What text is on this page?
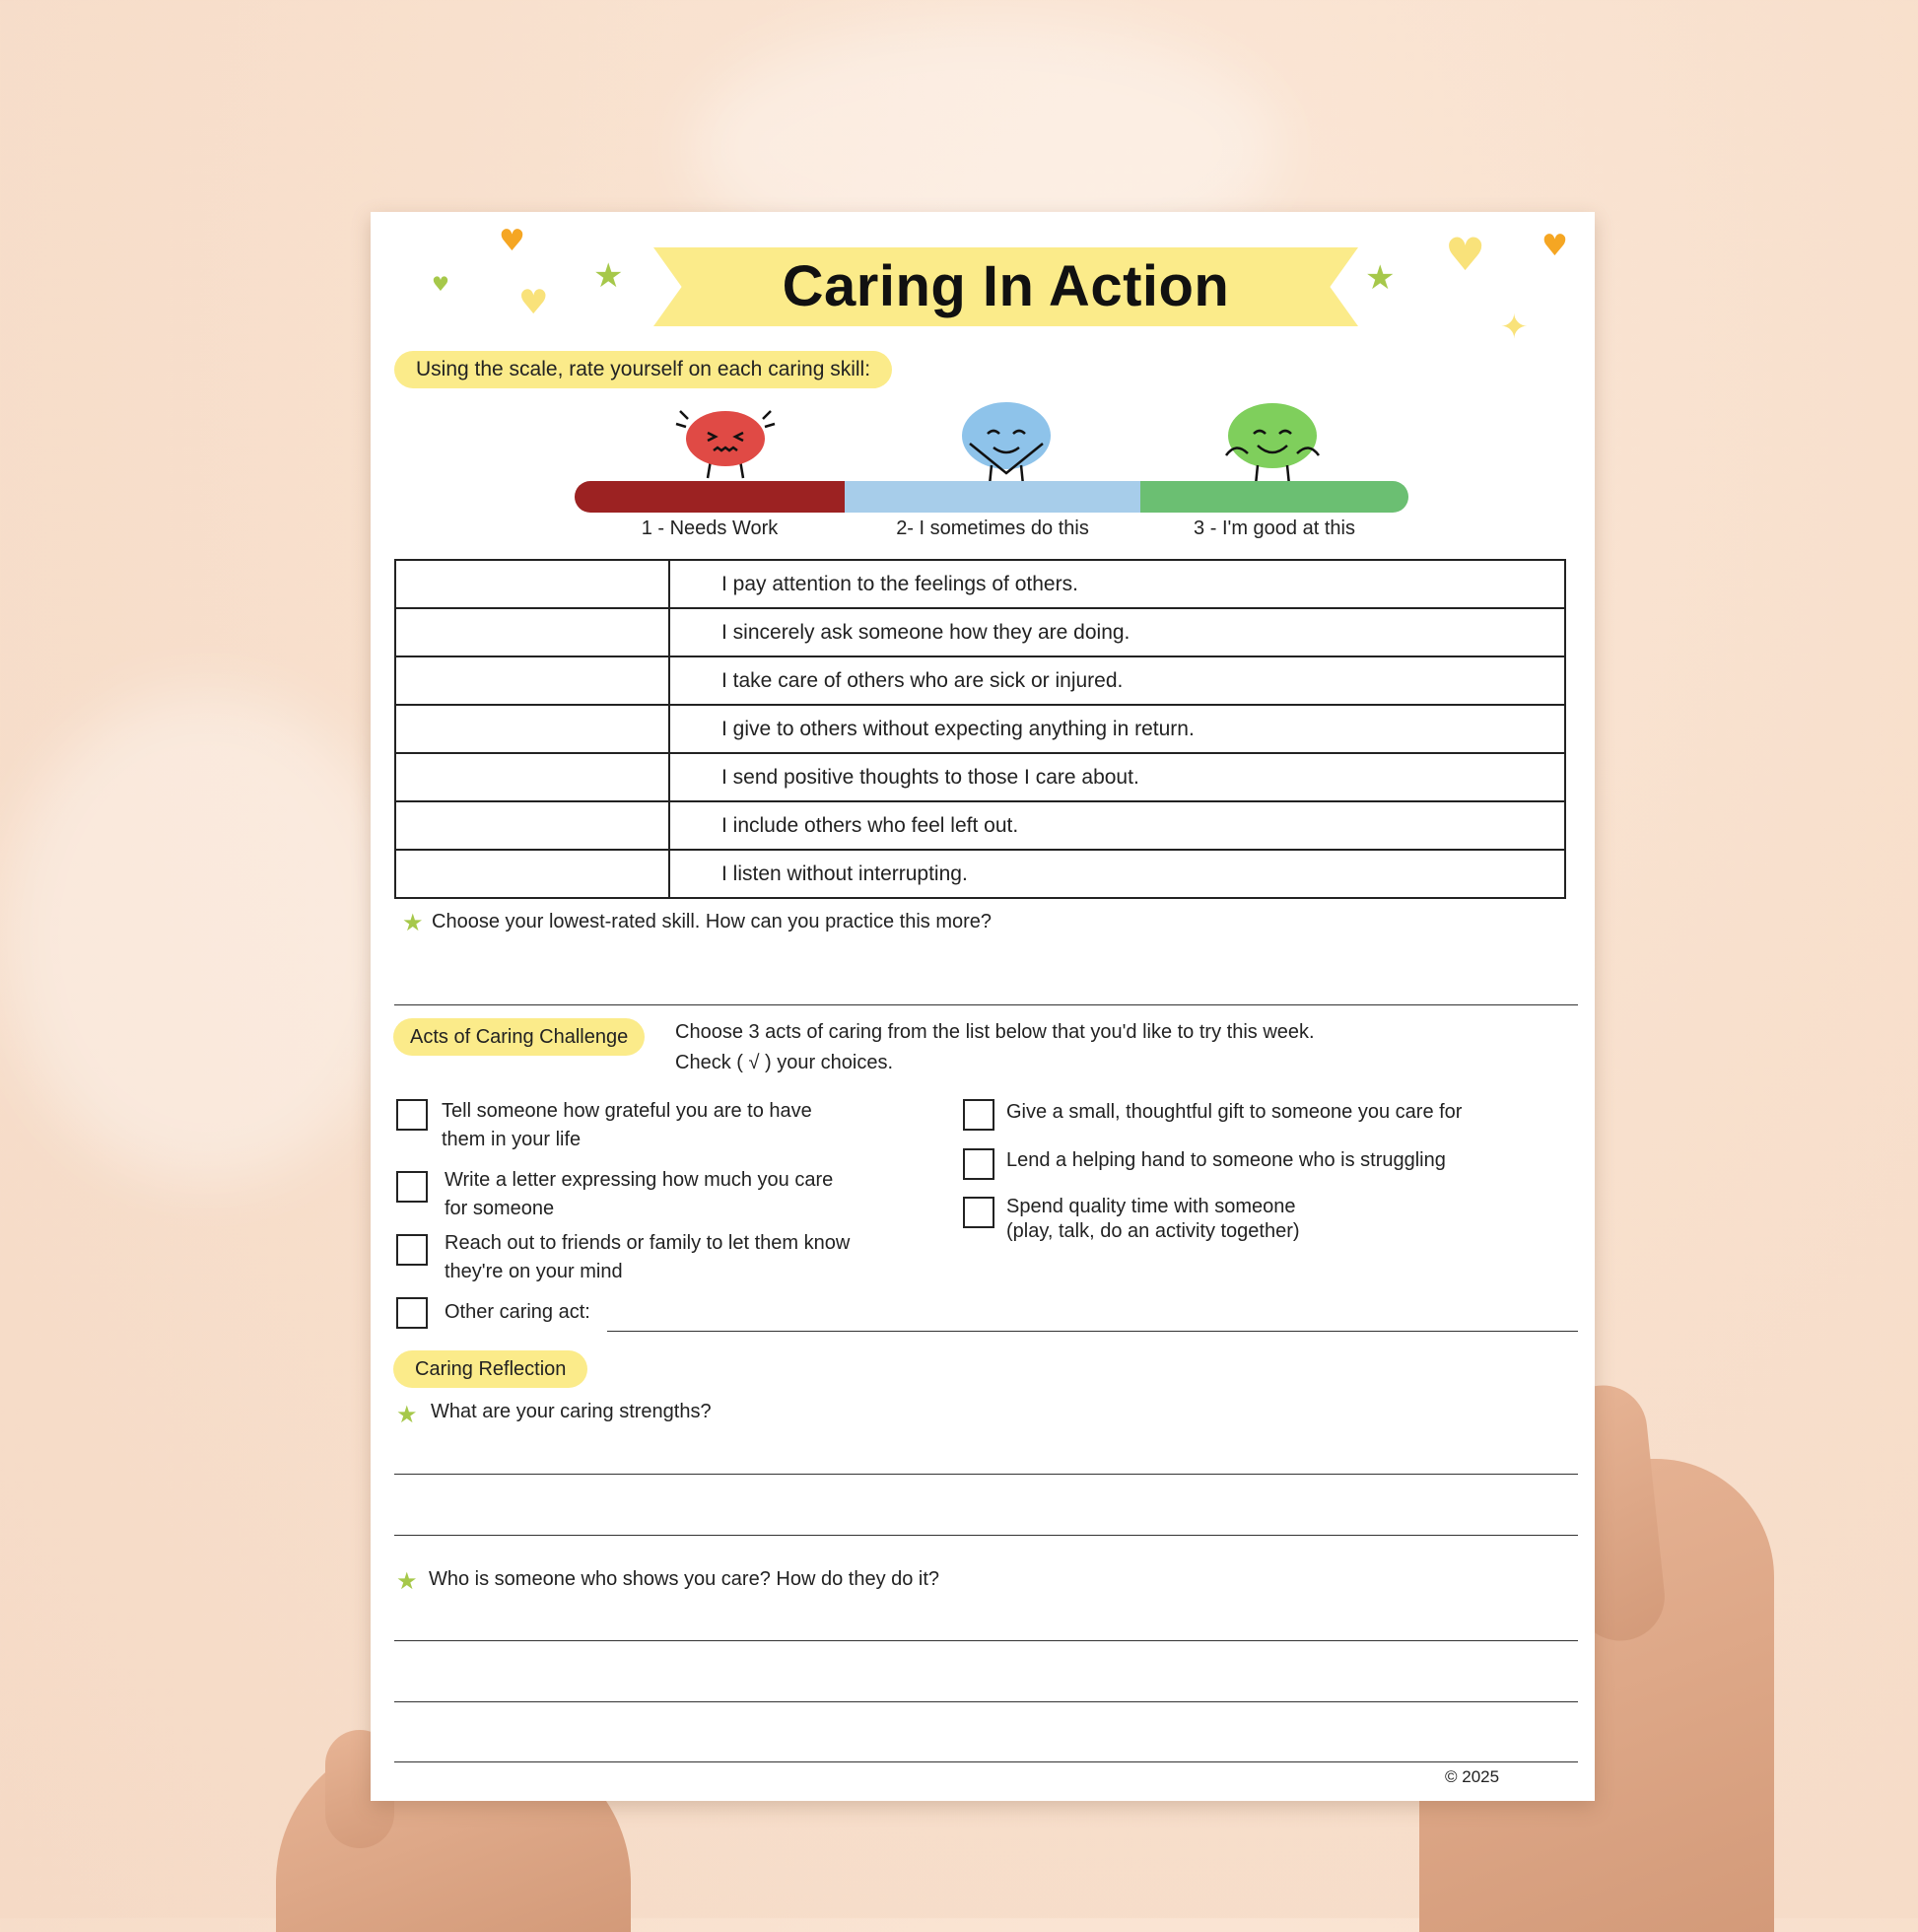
♥
♥ ♥
★	★ ♥ ♥
✦
Caring In Action
Using the scale, rate yourself on each caring skill:
1 - Needs Work	2- I sometimes do this	3 - I'm good at this
	I pay attention to the feelings of others.
	I sincerely ask someone how they are doing.
	I take care of others who are sick or injured.
	I give to others without expecting anything in return.
	I send positive thoughts to those I care about.
	I include others who feel left out.
	I listen without interrupting.
★ Choose your lowest-rated skill. How can you practice this more?
Acts of Caring Challenge	Choose 3 acts of caring from the list below that you'd like to try this week.
Check ( √ ) your choices.
Tell someone how grateful you are to have
them in your life
Write a letter expressing how much you care
for someone
Reach out to friends or family to let them know
they're on your mind
Other caring act:
Give a small, thoughtful gift to someone you care for
Lend a helping hand to someone who is struggling
Spend quality time with someone
(play, talk, do an activity together)
Caring Reflection
★ What are your caring strengths?
★ Who is someone who shows you care? How do they do it?
© 2025
